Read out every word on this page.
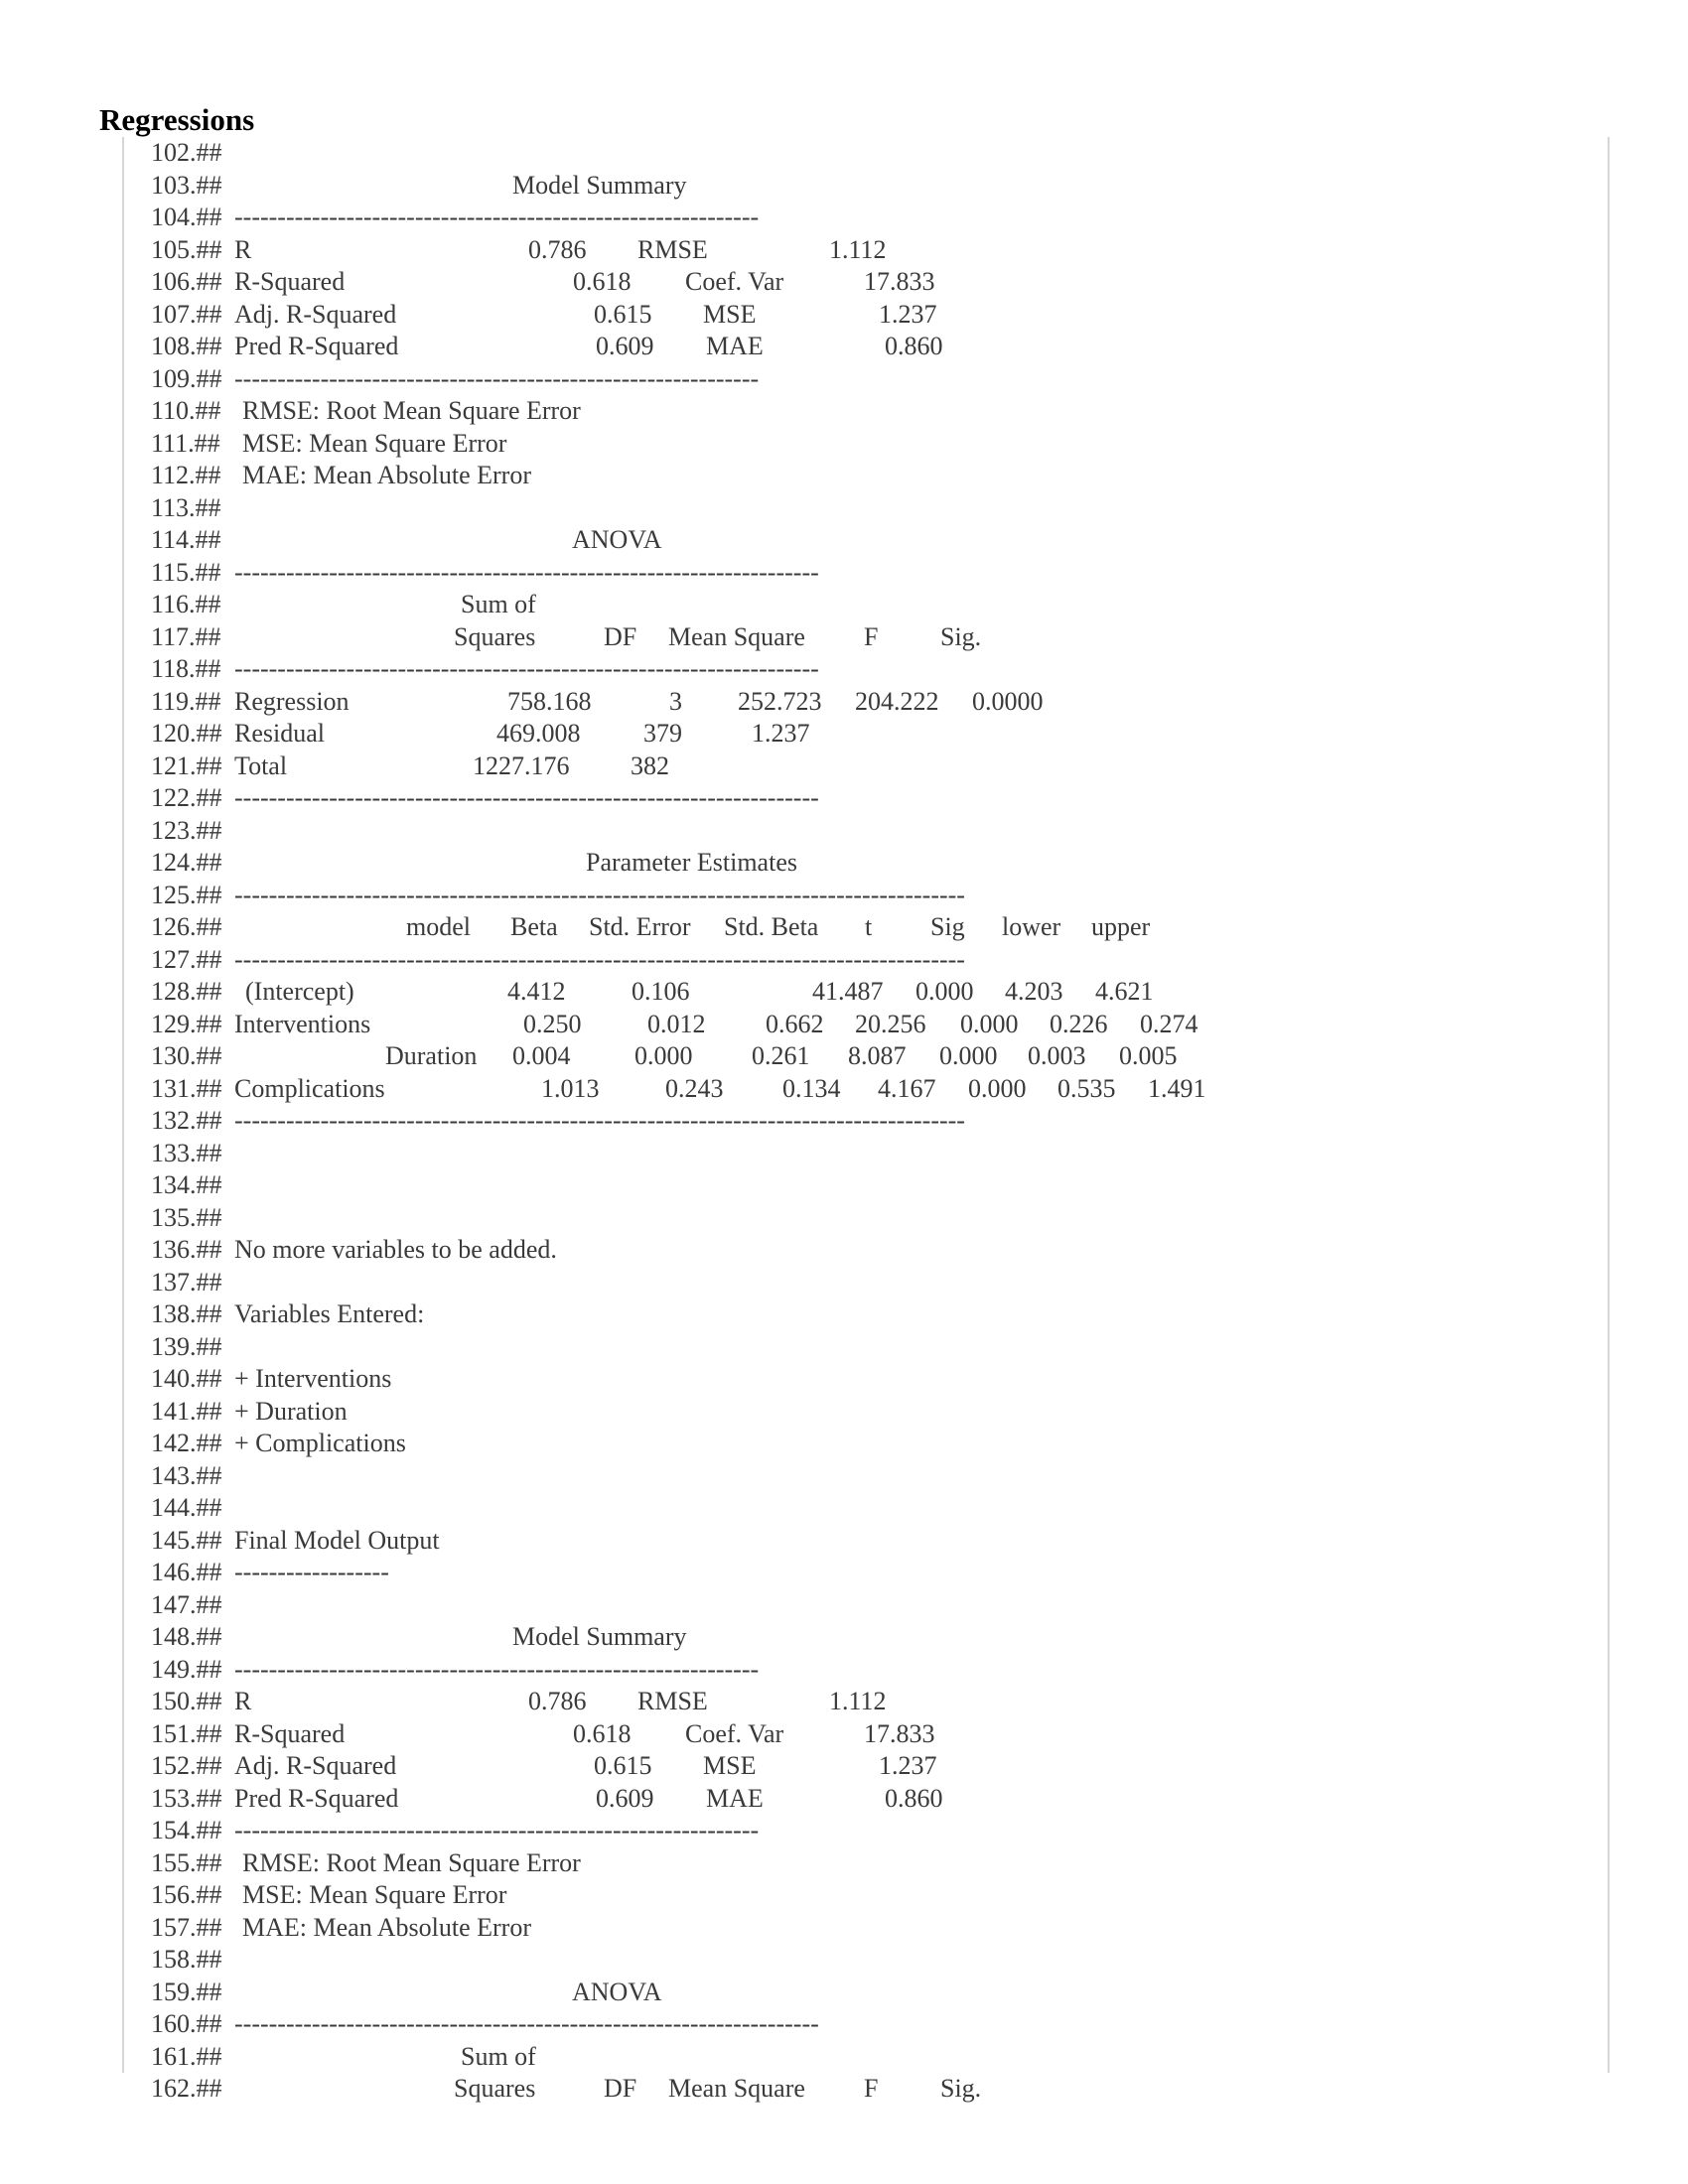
Regressions
102.##
103.##	Model Summary
104.## -------------------------------------------------------------
105.## R	0.786 RMSE	1.112
106.## R-Squared	0.618 Coef. Var	17.833
107.## Adj. R-Squared	0.615 MSE	1.237
108.## Pred R-Squared	0.609 MAE	0.860
109.## -------------------------------------------------------------
110.## RMSE: Root Mean Square Error
111.## MSE: Mean Square Error
112.## MAE: Mean Absolute Error
113.##
114.##	ANOVA
115.## --------------------------------------------------------------------
116.##	Sum of
117.##	Squares	DF Mean Square F Sig.
118.## --------------------------------------------------------------------
119.## Regression	758.168	3 252.723 204.222 0.0000
120.## Residual	469.008 379	1.237
121.## Total	1227.176 382
122.## --------------------------------------------------------------------
123.##
124.##	Parameter Estimates
125.## -------------------------------------------------------------------------------------
126.##	model Beta Std. Error Std. Beta t Sig lower upper
127.## -------------------------------------------------------------------------------------
128.## (Intercept)	4.412	0.106	41.487 0.000 4.203 4.621
129.## Interventions	0.250	0.012 0.662 20.256 0.000 0.226 0.274
130.##	Duration 0.004 0.000 0.261 8.087 0.000 0.003 0.005
131.## Complications	1.013	0.243 0.134 4.167 0.000 0.535 1.491
132.## -------------------------------------------------------------------------------------
133.##
134.##
135.##
136.## No more variables to be added.
137.##
138.## Variables Entered:
139.##
140.## + Interventions
141.## + Duration
142.## + Complications
143.##
144.##
145.## Final Model Output
146.## ------------------
147.##
148.##	Model Summary
149.## -------------------------------------------------------------
150.## R	0.786 RMSE	1.112
151.## R-Squared	0.618 Coef. Var	17.833
152.## Adj. R-Squared	0.615 MSE	1.237
153.## Pred R-Squared	0.609 MAE	0.860
154.## -------------------------------------------------------------
155.## RMSE: Root Mean Square Error
156.## MSE: Mean Square Error
157.## MAE: Mean Absolute Error
158.##
159.##	ANOVA
160.## --------------------------------------------------------------------
161.##	Sum of
162.##	Squares	DF Mean Square F Sig.
